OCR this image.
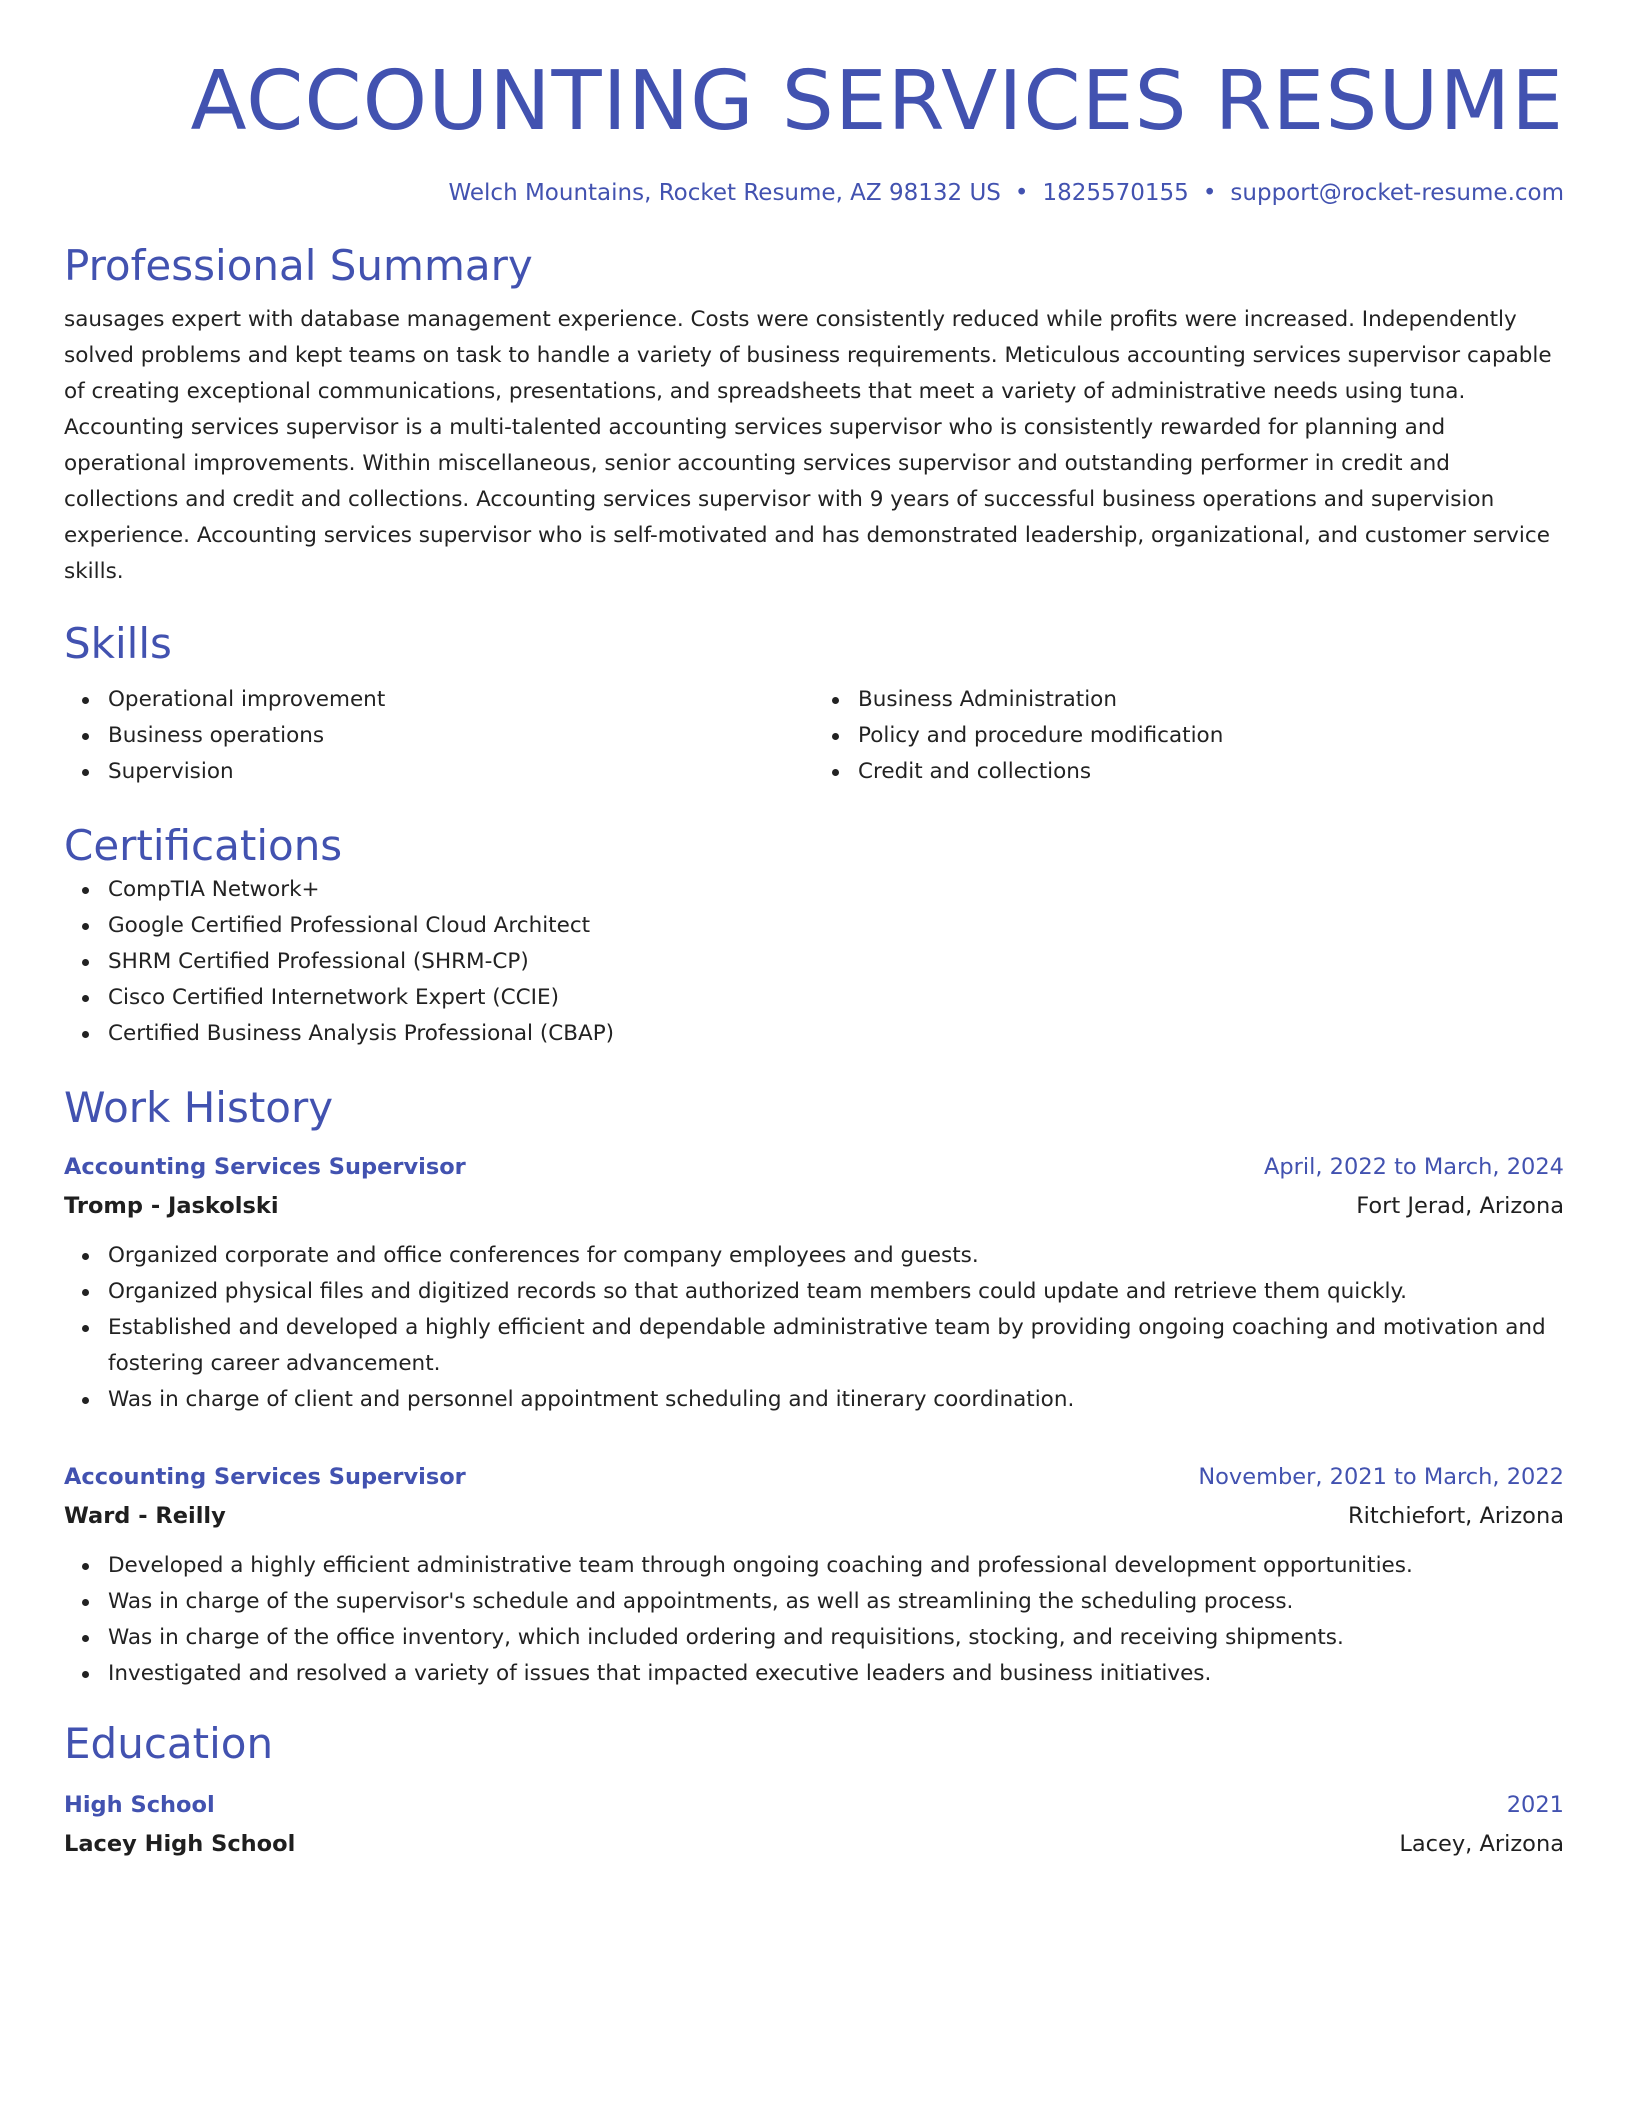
ACCOUNTING SERVICES RESUME
Welch Mountains, Rocket Resume, AZ 98132 US • 1825570155 • support@rocket-resume.com
Professional Summary

sausages expert with database management experience. Costs were consistently reduced while profits were increased. Independently solved problems and kept teams on task to handle a variety of business requirements. Meticulous accounting services supervisor capable of creating exceptional communications, presentations, and spreadsheets that meet a variety of administrative needs using tuna. Accounting services supervisor is a multi-talented accounting services supervisor who is consistently rewarded for planning and operational improvements. Within miscellaneous, senior accounting services supervisor and outstanding performer in credit and collections and credit and collections. Accounting services supervisor with 9 years of successful business operations and supervision experience. Accounting services supervisor who is self-motivated and has demonstrated leadership, organizational, and customer service skills.

Skills
Operational improvement
Business operations
Supervision
Business Administration
Policy and procedure modification
Credit and collections
Certifications
CompTIA Network+
Google Certified Professional Cloud Architect
SHRM Certified Professional (SHRM-CP)
Cisco Certified Internetwork Expert (CCIE)
Certified Business Analysis Professional (CBAP)
Work History
Accounting Services Supervisor	April, 2022 to March, 2024
Tromp - Jaskolski	Fort Jerad, Arizona
Organized corporate and office conferences for company employees and guests.
Organized physical files and digitized records so that authorized team members could update and retrieve them quickly.
Established and developed a highly efficient and dependable administrative team by providing ongoing coaching and motivation and fostering career advancement.
Was in charge of client and personnel appointment scheduling and itinerary coordination.
Accounting Services Supervisor	November, 2021 to March, 2022
Ward - Reilly	Ritchiefort, Arizona
Developed a highly efficient administrative team through ongoing coaching and professional development opportunities.
Was in charge of the supervisor's schedule and appointments, as well as streamlining the scheduling process.
Was in charge of the office inventory, which included ordering and requisitions, stocking, and receiving shipments.
Investigated and resolved a variety of issues that impacted executive leaders and business initiatives.
Education
High School	2021
Lacey High School	Lacey, Arizona
